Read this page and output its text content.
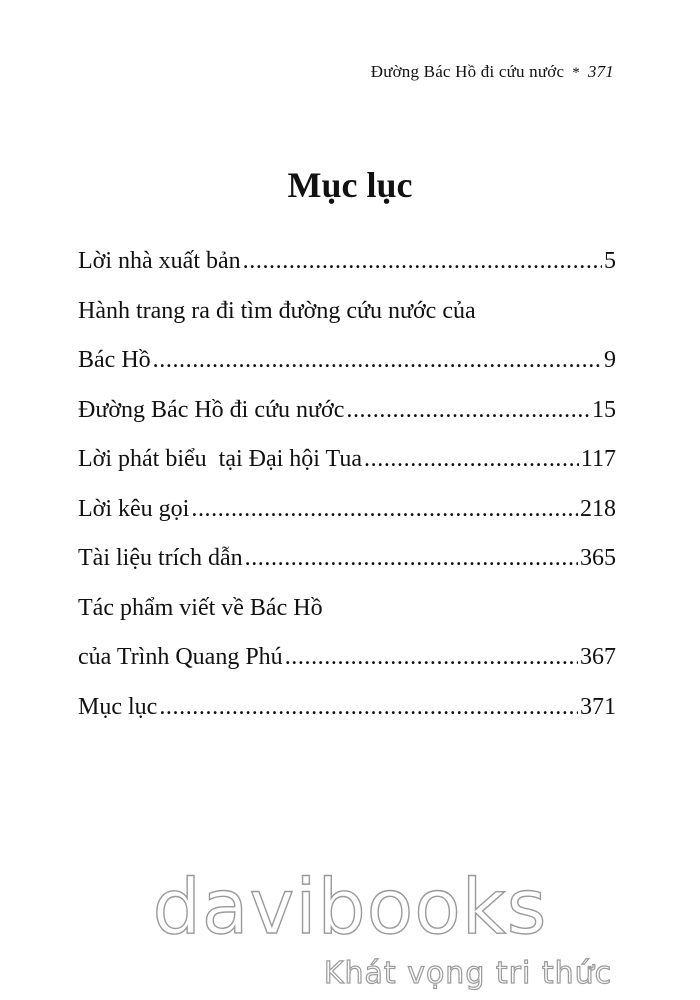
Đường Bác Hồ đi cứu nước * 371
Mục lục
Lời nhà xuất bản .....	5
Hành trang ra đi tìm đường cứu nước của
Bác Hồ .....	9
Đường Bác Hồ đi cứu nước .....	15
Lời phát biểu  tại Đại hội Tua .....	117
Lời kêu gọi .....	218
Tài liệu trích dẫn .....	365
Tác phẩm viết về Bác Hồ
của Trình Quang Phú .....	367
Mục lục .....	371
davibooks
Khát vọng tri thức
